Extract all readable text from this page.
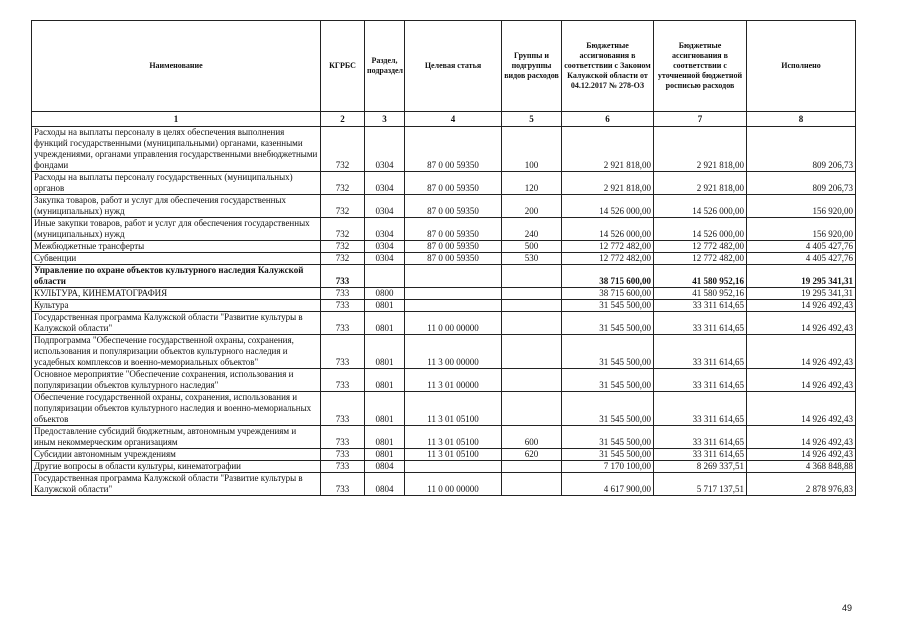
Наименование	КГРБС	Раздел, подраздел	Целевая статья	Группы и подгруппы видов расходов	Бюджетные ассигнования в соответствии с Законом Калужской области от 04.12.2017 № 278-ОЗ	Бюджетные ассигнования в соответствии с уточненной бюджетной росписью расходов	Исполнено
1	2	3	4	5	6	7	8
Расходы на выплаты персоналу в целях обеспечения выполнения функций государственными (муниципальными) органами, казенными учреждениями, органами управления государственными внебюджетными фондами	732	0304	87 0 00 59350	100	2 921 818,00	2 921 818,00	809 206,73
Расходы на выплаты персоналу государственных (муниципальных) органов	732	0304	87 0 00 59350	120	2 921 818,00	2 921 818,00	809 206,73
Закупка товаров, работ и услуг для обеспечения государственных (муниципальных) нужд	732	0304	87 0 00 59350	200	14 526 000,00	14 526 000,00	156 920,00
Иные закупки товаров, работ и услуг для обеспечения государственных (муниципальных) нужд	732	0304	87 0 00 59350	240	14 526 000,00	14 526 000,00	156 920,00
Межбюджетные трансферты	732	0304	87 0 00 59350	500	12 772 482,00	12 772 482,00	4 405 427,76
Субвенции	732	0304	87 0 00 59350	530	12 772 482,00	12 772 482,00	4 405 427,76
Управление по охране объектов культурного наследия Калужской области	733				38 715 600,00	41 580 952,16	19 295 341,31
КУЛЬТУРА, КИНЕМАТОГРАФИЯ	733	0800			38 715 600,00	41 580 952,16	19 295 341,31
Культура	733	0801			31 545 500,00	33 311 614,65	14 926 492,43
Государственная программа Калужской области "Развитие культуры в Калужской области"	733	0801	11 0 00 00000		31 545 500,00	33 311 614,65	14 926 492,43
Подпрограмма "Обеспечение государственной охраны, сохранения, использования и популяризации объектов культурного наследия и усадебных комплексов и военно-мемориальных объектов"	733	0801	11 3 00 00000		31 545 500,00	33 311 614,65	14 926 492,43
Основное мероприятие "Обеспечение сохранения, использования и популяризации объектов культурного наследия"	733	0801	11 3 01 00000		31 545 500,00	33 311 614,65	14 926 492,43
Обеспечение государственной охраны, сохранения, использования и популяризации объектов культурного наследия и военно-мемориальных объектов	733	0801	11 3 01 05100		31 545 500,00	33 311 614,65	14 926 492,43
Предоставление субсидий бюджетным, автономным учреждениям и иным некоммерческим организациям	733	0801	11 3 01 05100	600	31 545 500,00	33 311 614,65	14 926 492,43
Субсидии автономным учреждениям	733	0801	11 3 01 05100	620	31 545 500,00	33 311 614,65	14 926 492,43
Другие вопросы в области культуры, кинематографии	733	0804			7 170 100,00	8 269 337,51	4 368 848,88
Государственная программа Калужской области "Развитие культуры в Калужской области"	733	0804	11 0 00 00000		4 617 900,00	5 717 137,51	2 878 976,83
49
